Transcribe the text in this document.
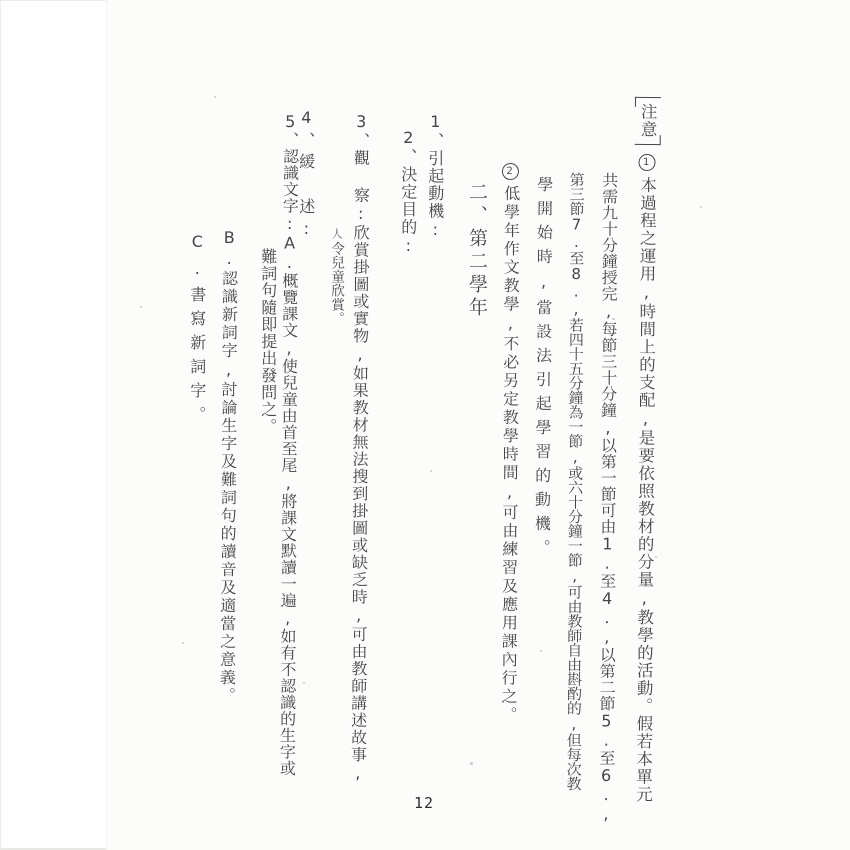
注意1本過程之運用,時間上的支配,是要依照教材的分量,教學的活動。假若本單元
共需九十分鐘授完,每節三十分鐘,以第一節可由1.至4.,以第二節5.至6.,
第三節7.至8.,若四十五分鐘為一節,或六十分鐘一節,可由教師自由斟酌的,但每次教
學開始時,當設法引起學習的動機。
2低學年作文教學,不必另定教學時間,可由練習及應用課內行之。
二、第二學年
1、引起動機:
2、決定目的:
3、觀 察:欣賞掛圖或實物,如果教材無法搜到掛圖或缺乏時,可由教師講述故事,
人令兒童欣賞。
4、緩 述:
5、認識文字:A.概覽課文,使兒童由首至尾,將課文默讀一遍,如有不認識的生字或
難詞句隨即提出發問之。
B.認識新詞字,討論生字及難詞句的讀音及適當之意義。
C.書寫新詞字。
12
